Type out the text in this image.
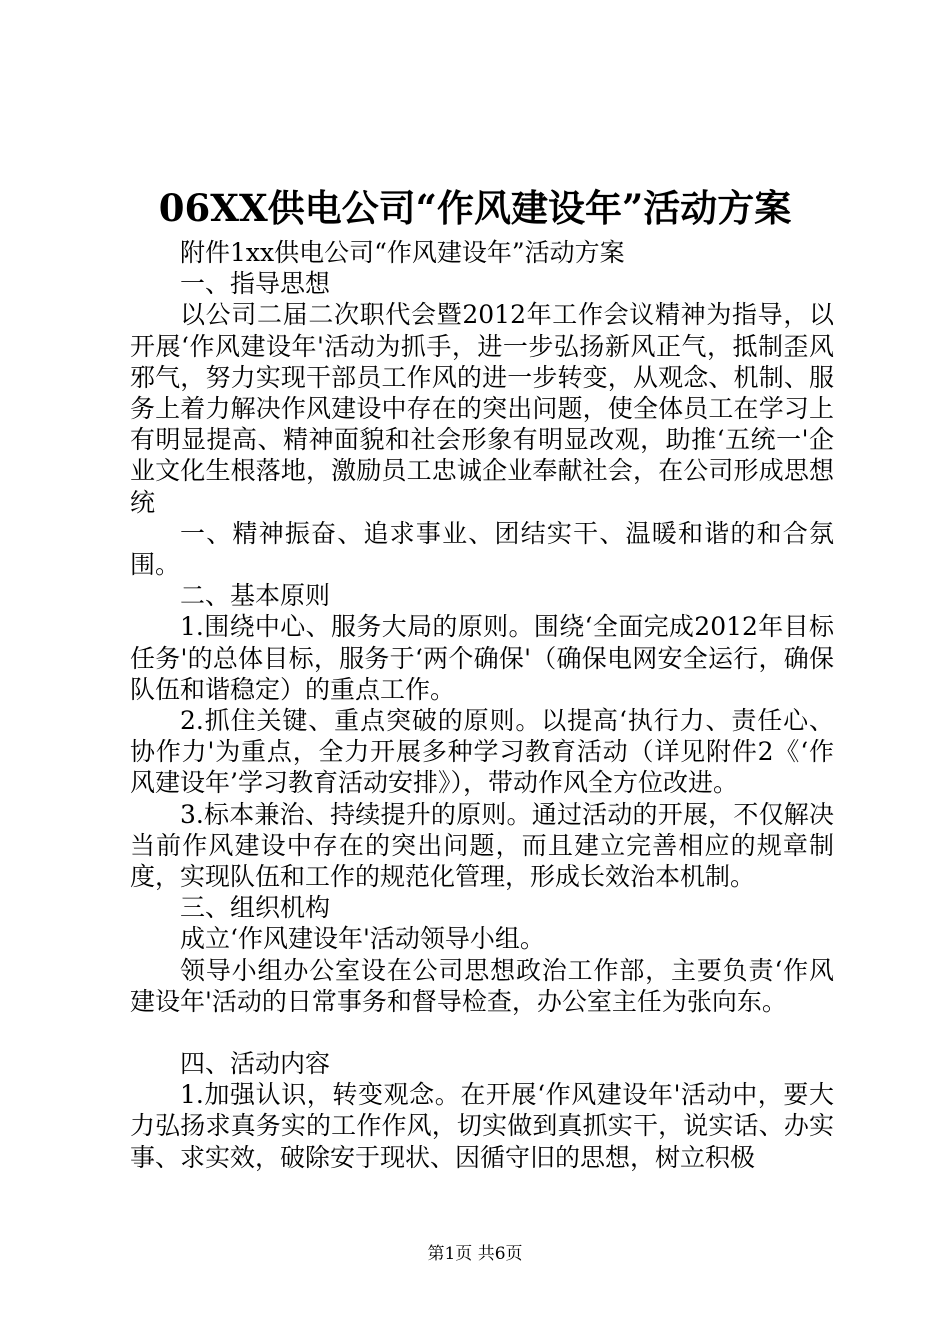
06XX供电公司“作风建设年”活动方案

附件1xx供电公司“作风建设年”活动方案

一、指导思想

以公司二届二次职代会暨2012年工作会议精神为指导，以开展‘作风建设年'活动为抓手，进一步弘扬新风正气，抵制歪风邪气，努力实现干部员工作风的进一步转变，从观念、机制、服务上着力解决作风建设中存在的突出问题，使全体员工在学习上有明显提高、精神面貌和社会形象有明显改观，助推‘五统一'企业文化生根落地，激励员工忠诚企业奉献社会，在公司形成思想统

一、精神振奋、追求事业、团结实干、温暖和谐的和合氛围。

二、基本原则

1.围绕中心、服务大局的原则。围绕‘全面完成2012年目标任务'的总体目标，服务于‘两个确保'（确保电网安全运行，确保队伍和谐稳定）的重点工作。

2.抓住关键、重点突破的原则。以提高‘执行力、责任心、协作力'为重点，全力开展多种学习教育活动（详见附件2《‘作风建设年’学习教育活动安排》），带动作风全方位改进。

3.标本兼治、持续提升的原则。通过活动的开展，不仅解决当前作风建设中存在的突出问题，而且建立完善相应的规章制度，实现队伍和工作的规范化管理，形成长效治本机制。

三、组织机构

成立‘作风建设年'活动领导小组。

领导小组办公室设在公司思想政治工作部，主要负责‘作风建设年'活动的日常事务和督导检查，办公室主任为张向东。

四、活动内容

1.加强认识，转变观念。在开展‘作风建设年'活动中，要大力弘扬求真务实的工作作风，切实做到真抓实干，说实话、办实事、求实效，破除安于现状、因循守旧的思想，树立积极

第1页 共6页
